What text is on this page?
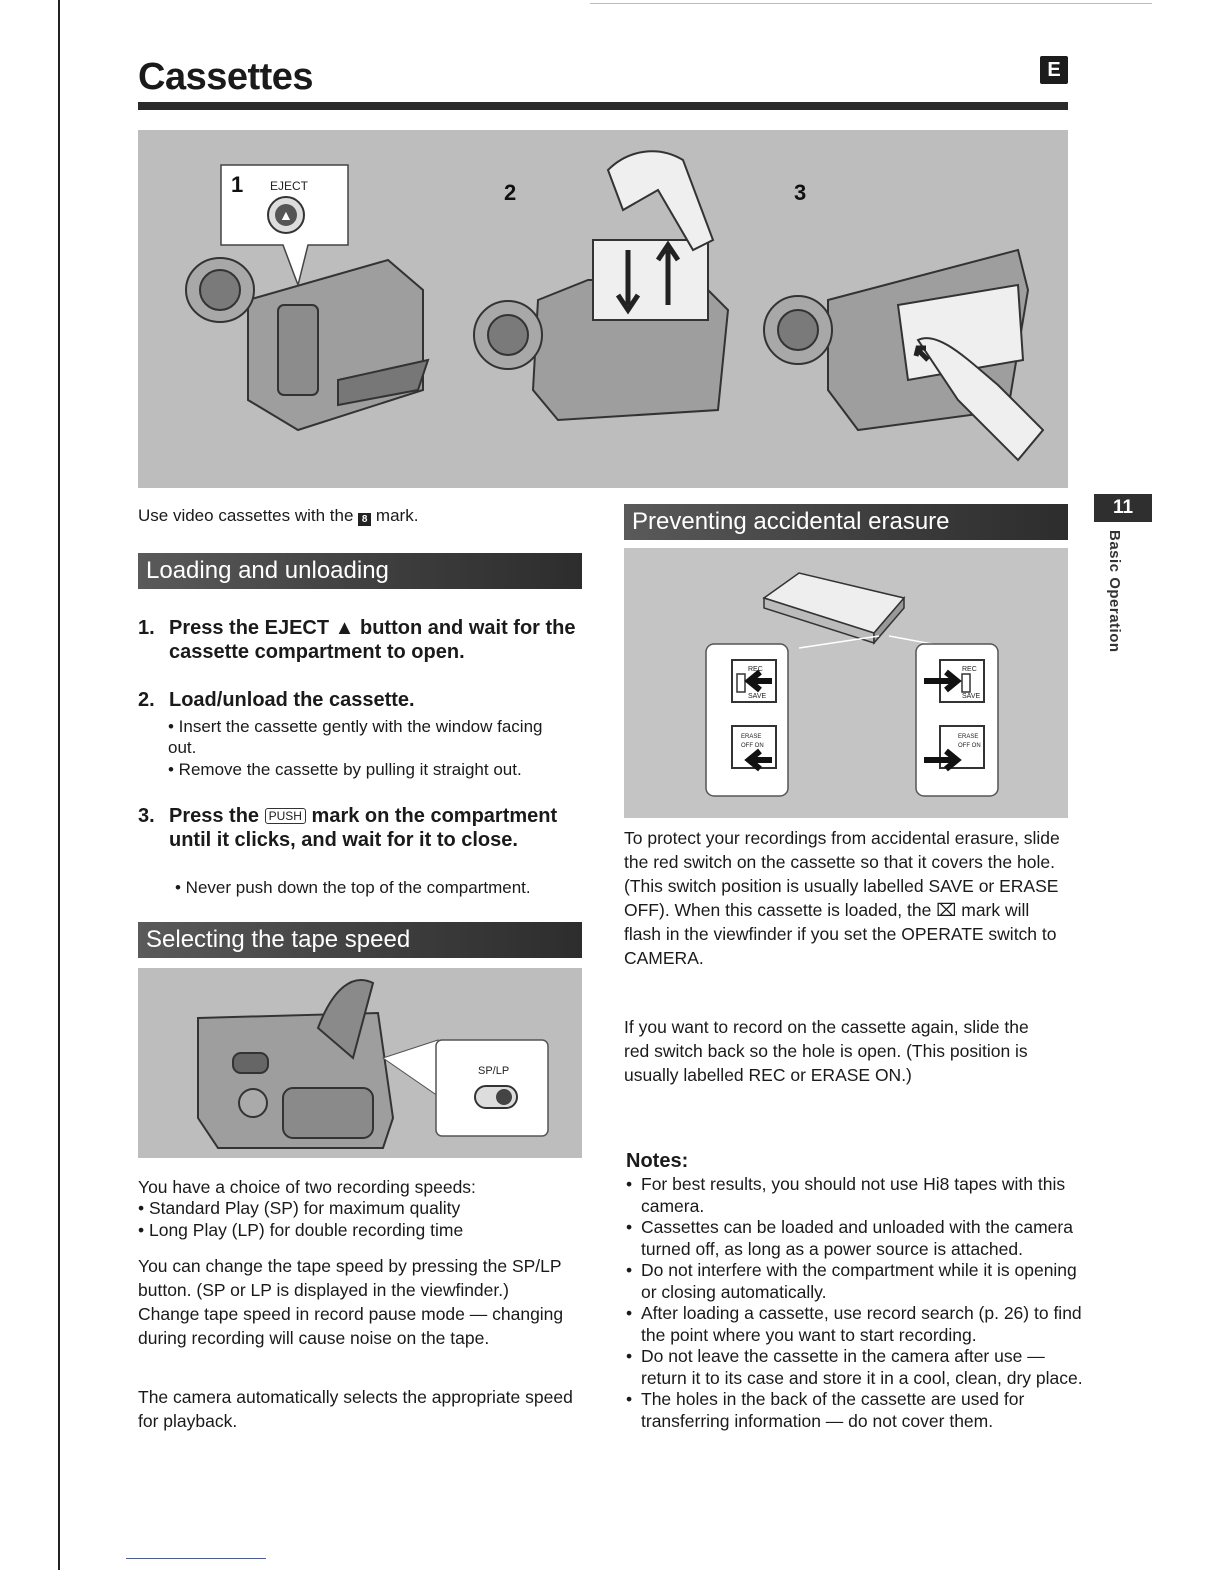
Cassettes	E
▲
1 EJECT	2	3
Use video cassettes with the 8 mark.
Loading and unloading
1. Press the EJECT ▲ button and wait for the cassette compartment to open.
2. Load/unload the cassette.
• Insert the cassette gently with the window facing out.
• Remove the cassette by pulling it straight out.
3. Press the PUSH mark on the compartment until it clicks, and wait for it to close.
• Never push down the top of the compartment.
Selecting the tape speed
SP/LP
You have a choice of two recording speeds:
• Standard Play (SP) for maximum quality
• Long Play (LP) for double recording time
You can change the tape speed by pressing the SP/LP button. (SP or LP is displayed in the viewfinder.) Change tape speed in record pause mode — changing during recording will cause noise on the tape.
The camera automatically selects the appropriate speed for playback.
Preventing accidental erasure
REC
SAVE
ERASE
OFF ON
REC
SAVE
ERASE
OFF ON
To protect your recordings from accidental erasure, slide the red switch on the cassette so that it covers the hole. (This switch position is usually labelled SAVE or ERASE OFF). When this cassette is loaded, the ⌧ mark will flash in the viewfinder if you set the OPERATE switch to CAMERA.
If you want to record on the cassette again, slide the red switch back so the hole is open. (This position is usually labelled REC or ERASE ON.)
Notes:
• For best results, you should not use Hi8 tapes with this camera.
• Cassettes can be loaded and unloaded with the camera turned off, as long as a power source is attached.
• Do not interfere with the compartment while it is opening or closing automatically.
• After loading a cassette, use record search (p. 26) to find the point where you want to start recording.
• Do not leave the cassette in the camera after use — return it to its case and store it in a cool, clean, dry place.
• The holes in the back of the cassette are used for transferring information — do not cover them.
11
Basic Operation
